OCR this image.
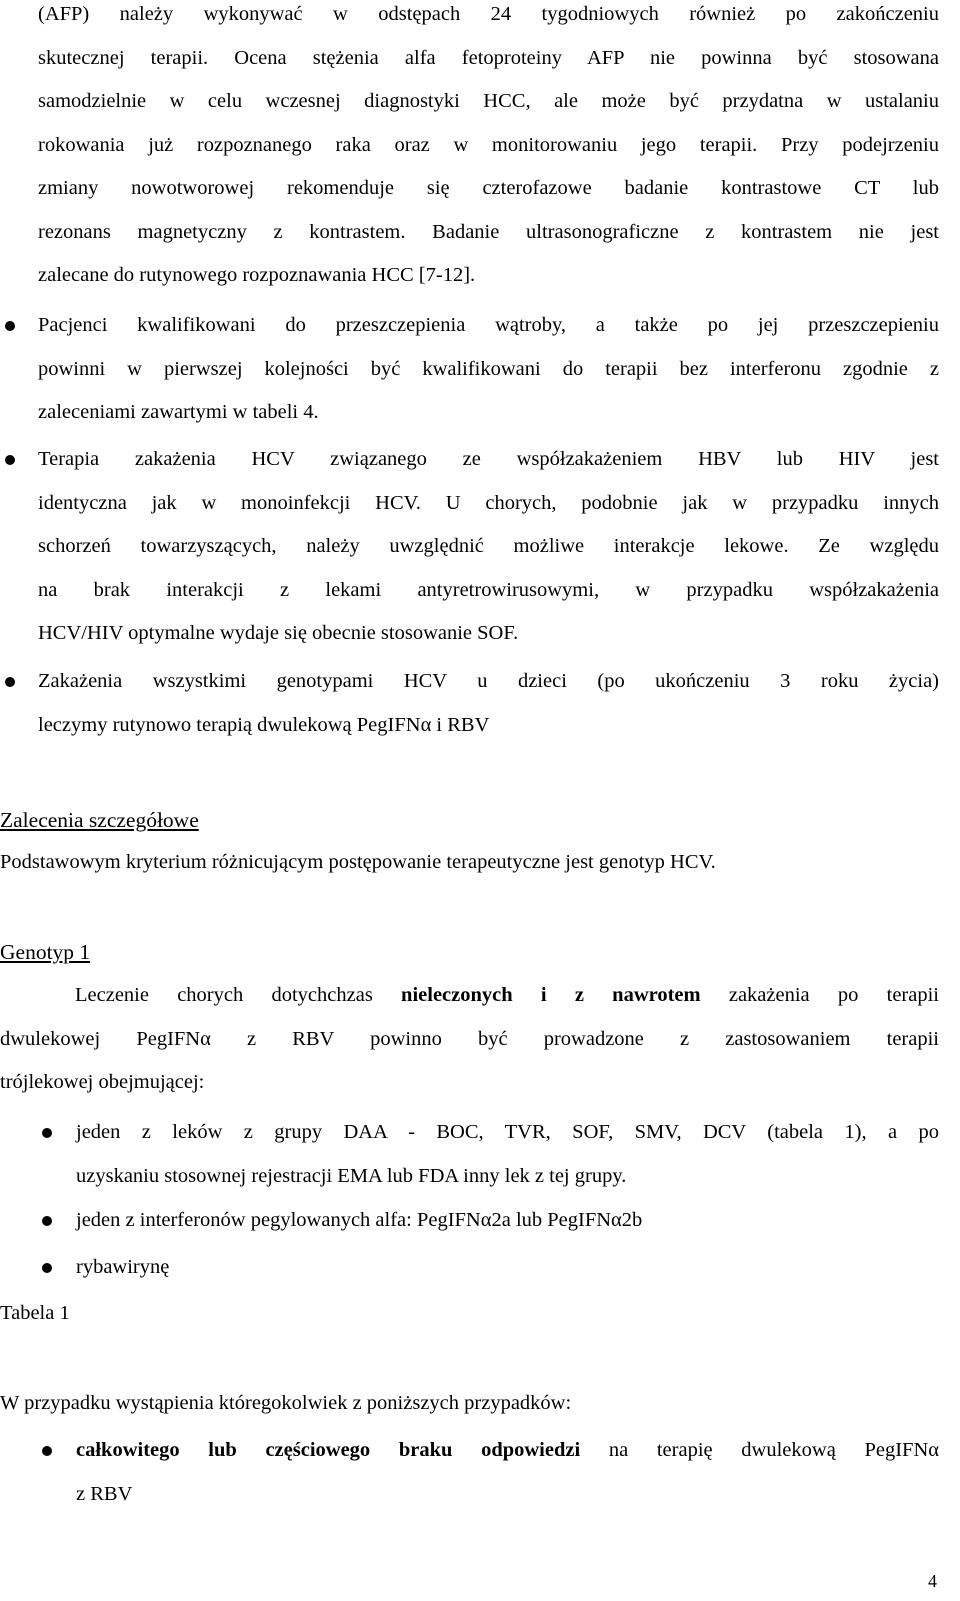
(AFP) należy wykonywać w odstępach 24 tygodniowych również po zakończeniu
skutecznej terapii. Ocena stężenia alfa fetoproteiny AFP nie powinna być stosowana
samodzielnie w celu wczesnej diagnostyki HCC, ale może być przydatna w ustalaniu
rokowania już rozpoznanego raka oraz w monitorowaniu jego terapii. Przy podejrzeniu
zmiany nowotworowej rekomenduje się czterofazowe badanie kontrastowe CT lub
rezonans magnetyczny z kontrastem. Badanie ultrasonograficzne z kontrastem nie jest
zalecane do rutynowego rozpoznawania HCC [7-12].
Pacjenci kwalifikowani do przeszczepienia wątroby, a także po jej przeszczepieniu
powinni w pierwszej kolejności być kwalifikowani do terapii bez interferonu zgodnie z
zaleceniami zawartymi w tabeli 4.
Terapia zakażenia HCV związanego ze współzakażeniem HBV lub HIV jest
identyczna jak w monoinfekcji HCV. U chorych, podobnie jak w przypadku innych
schorzeń towarzyszących, należy uwzględnić możliwe interakcje lekowe. Ze względu
na brak interakcji z lekami antyretrowirusowymi, w przypadku współzakażenia
HCV/HIV optymalne wydaje się obecnie stosowanie SOF.
Zakażenia wszystkimi genotypami HCV u dzieci (po ukończeniu 3 roku życia)
leczymy rutynowo terapią dwulekową PegIFNα i RBV
Zalecenia szczegółowe
Podstawowym kryterium różnicującym postępowanie terapeutyczne jest genotyp HCV.
Genotyp 1
Leczenie chorych dotychchzas nieleczonych i z nawrotem zakażenia po terapii
dwulekowej PegIFNα z RBV powinno być prowadzone z zastosowaniem terapii
trójlekowej obejmującej:
jeden z leków z grupy DAA - BOC, TVR, SOF, SMV, DCV (tabela 1), a po
uzyskaniu stosownej rejestracji EMA lub FDA inny lek z tej grupy.
jeden z interferonów pegylowanych alfa: PegIFNα2a lub PegIFNα2b
rybawirynę
Tabela 1
W przypadku wystąpienia któregokolwiek z poniższych przypadków:
całkowitego lub częściowego braku odpowiedzi na terapię dwulekową PegIFNα
z RBV
4
